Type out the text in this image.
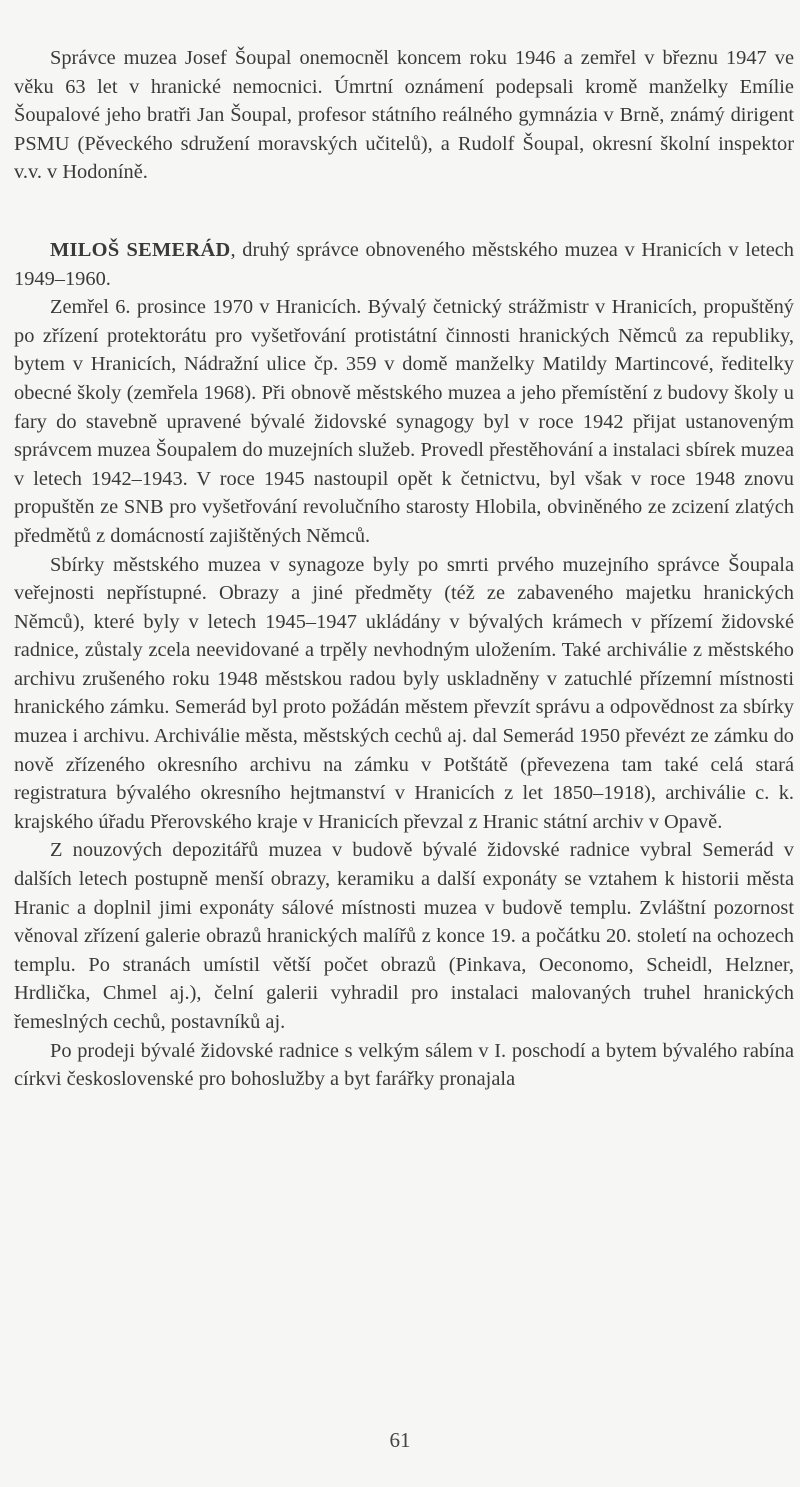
Správce muzea Josef Šoupal onemocněl koncem roku 1946 a zemřel v březnu 1947 ve věku 63 let v hranické nemocnici. Úmrtní oznámení podepsali kromě manželky Emílie Šoupalové jeho bratři Jan Šoupal, profesor státního reálného gymnázia v Brně, známý dirigent PSMU (Pěveckého sdružení moravských učitelů), a Rudolf Šoupal, okresní školní inspektor v.v. v Hodoníně.

MILOŠ SEMERÁD, druhý správce obnoveného městského muzea v Hranicích v letech 1949–1960.

Zemřel 6. prosince 1970 v Hranicích. Bývalý četnický strážmistr v Hranicích, propuštěný po zřízení protektorátu pro vyšetřování protistátní činnosti hranických Němců za republiky, bytem v Hranicích, Nádražní ulice čp. 359 v domě manželky Matildy Martincové, ředitelky obecné školy (zemřela 1968). Při obnově městského muzea a jeho přemístění z budovy školy u fary do stavebně upravené bývalé židovské synagogy byl v roce 1942 přijat ustanoveným správcem muzea Šoupalem do muzejních služeb. Provedl přestěhování a instalaci sbírek muzea v letech 1942–1943. V roce 1945 nastoupil opět k četnictvu, byl však v roce 1948 znovu propuštěn ze SNB pro vyšetřování revolučního starosty Hlobila, obviněného ze zcizení zlatých předmětů z domácností zajištěných Němců.

Sbírky městského muzea v synagoze byly po smrti prvého muzejního správce Šoupala veřejnosti nepřístupné. Obrazy a jiné předměty (též ze zabaveného majetku hranických Němců), které byly v letech 1945–1947 ukládány v bývalých krámech v přízemí židovské radnice, zůstaly zcela neevidované a trpěly nevhodným uložením. Také archiválie z městského archivu zrušeného roku 1948 městskou radou byly uskladněny v zatuchlé přízemní místnosti hranického zámku. Semerád byl proto požádán městem převzít správu a odpovědnost za sbírky muzea i archivu. Archiválie města, městských cechů aj. dal Semerád 1950 převézt ze zámku do nově zřízeného okresního archivu na zámku v Potštátě (převezena tam také celá stará registratura bývalého okresního hejtmanství v Hranicích z let 1850–1918), archiválie c. k. krajského úřadu Přerovského kraje v Hranicích převzal z Hranic státní archiv v Opavě.

Z nouzových depozitářů muzea v budově bývalé židovské radnice vybral Semerád v dalších letech postupně menší obrazy, keramiku a další exponáty se vztahem k historii města Hranic a doplnil jimi exponáty sálové místnosti muzea v budově templu. Zvláštní pozornost věnoval zřízení galerie obrazů hranických malířů z konce 19. a počátku 20. století na ochozech templu. Po stranách umístil větší počet obrazů (Pinkava, Oeconomo, Scheidl, Helzner, Hrdlička, Chmel aj.), čelní galerii vyhradil pro instalaci malovaných truhel hranických řemeslných cechů, postavníků aj.

Po prodeji bývalé židovské radnice s velkým sálem v I. poschodí a bytem bývalého rabína církvi československé pro bohoslužby a byt farářky pronajala

61
